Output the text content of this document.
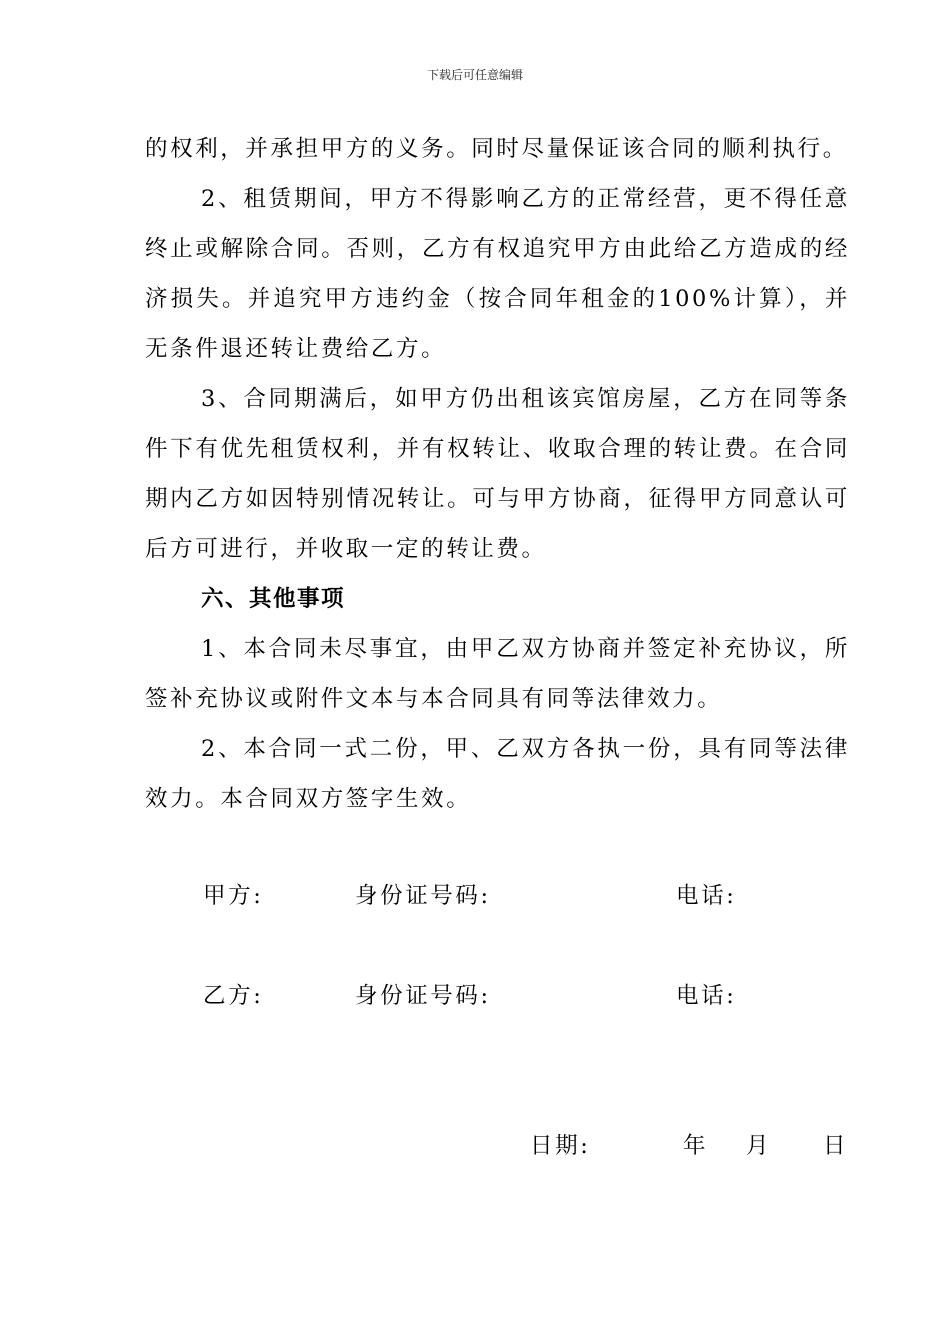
下载后可任意编辑

的权利，并承担甲方的义务。同时尽量保证该合同的顺利执行。

2、租赁期间，甲方不得影响乙方的正常经营，更不得任意终止或解除合同。否则，乙方有权追究甲方由此给乙方造成的经济损失。并追究甲方违约金（按合同年租金的100%计算），并无条件退还转让费给乙方。

3、合同期满后，如甲方仍出租该宾馆房屋，乙方在同等条件下有优先租赁权利，并有权转让、收取合理的转让费。在合同期内乙方如因特别情况转让。可与甲方协商，征得甲方同意认可后方可进行，并收取一定的转让费。

六、其他事项

1、本合同未尽事宜，由甲乙双方协商并签定补充协议，所签补充协议或附件文本与本合同具有同等法律效力。

2、本合同一式二份，甲、乙双方各执一份，具有同等法律效力。本合同双方签字生效。

甲方:	身份证号码:	电话:
乙方:	身份证号码:	电话:
日期:	年 月 日
